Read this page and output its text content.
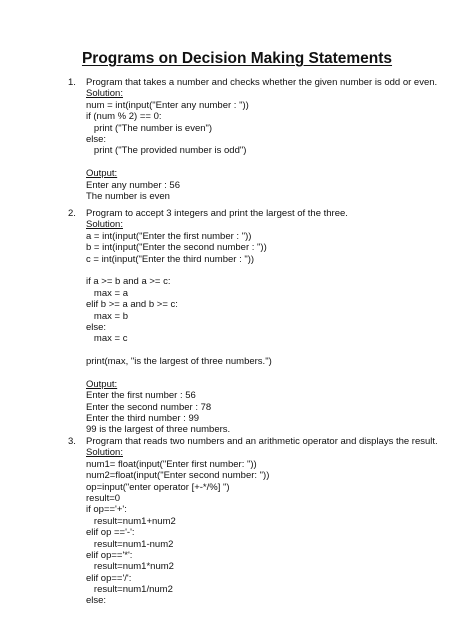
Programs on Decision Making Statements
1. Program that takes a number and checks whether the given number is odd or even.
Solution:
num = int(input("Enter any number : "))
if (num % 2) == 0:
print ("The number is even")
else:
print ("The provided number is odd")
Output:
Enter any number : 56
The number is even
2. Program to accept 3 integers and print the largest of the three.
Solution:
a = int(input("Enter the first number : "))
b = int(input("Enter the second number : "))
c = int(input("Enter the third number : "))
if a >= b and a >= c:
max = a
elif b >= a and b >= c:
max = b
else:
max = c
print(max, "is the largest of three numbers.")
Output:
Enter the first number : 56
Enter the second number : 78
Enter the third number : 99
99 is the largest of three numbers.
3. Program that reads two numbers and an arithmetic operator and displays the result.
Solution:
num1= float(input("Enter first number: "))
num2=float(input("Enter second number: "))
op=input("enter operator [+-*/%] ")
result=0
if op=='+':
result=num1+num2
elif op =='-':
result=num1-num2
elif op=='*':
result=num1*num2
elif op=='/':
result=num1/num2
else:
